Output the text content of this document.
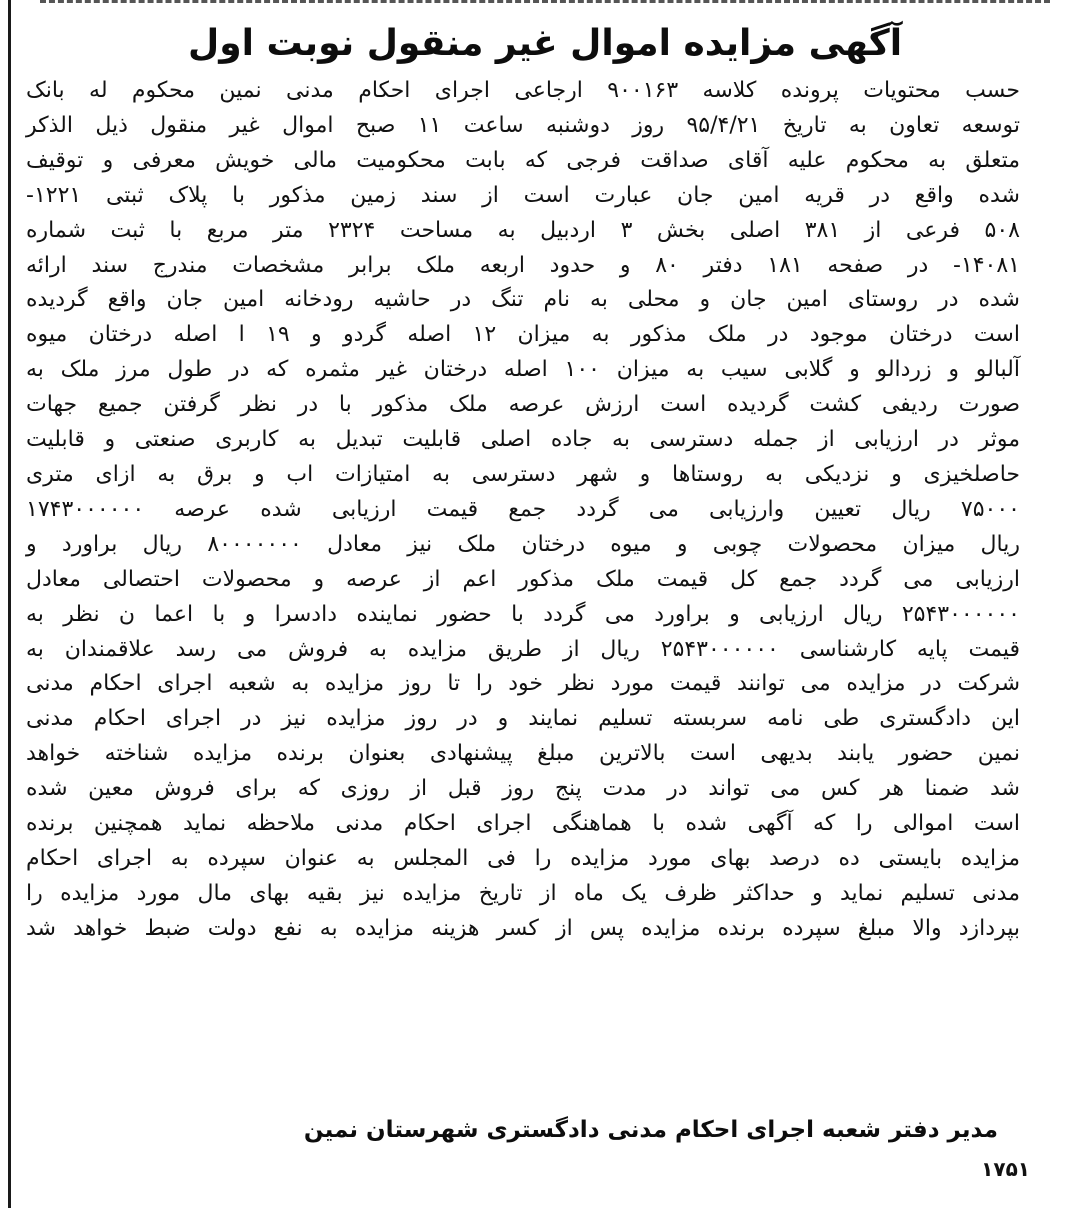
آگهی مزایده اموال غیر منقول نوبت اول
حسب محتویات پرونده کلاسه ۹۰۰۱۶۳ ارجاعی اجرای احکام مدنی نمین محکوم له بانک
توسعه تعاون به تاریخ ۹۵/۴/۲۱ روز دوشنبه ساعت ۱۱ صبح اموال غیر منقول ذیل الذکر
متعلق به محکوم علیه آقای صداقت فرجی که بابت محکومیت مالی خویش معرفی و توقیف
شده واقع در قریه امین جان عبارت است از سند زمین مذکور با پلاک ثبتی ۱۲۲۱-
۵۰۸ فرعی از ۳۸۱ اصلی بخش ۳ اردبیل به مساحت ۲۳۲۴ متر مربع با ثبت شماره
۱۴۰۸۱- در صفحه ۱۸۱ دفتر ۸۰ و حدود اربعه ملک برابر مشخصات مندرج سند ارائه
شده در روستای امین جان و محلی به نام تنگ در حاشیه رودخانه امین جان واقع گردیده
است درختان موجود در ملک مذکور به میزان ۱۲ اصله گردو و ۱۹ ا اصله درختان میوه
آلبالو و زردالو و گلابی سیب به میزان ۱۰۰ اصله درختان غیر مثمره که در طول مرز ملک به
صورت ردیفی کشت گردیده است ارزش عرصه ملک مذکور با در نظر گرفتن جمیع جهات
موثر در ارزیابی از جمله دسترسی به جاده اصلی قابلیت تبدیل به کاربری صنعتی و قابلیت
حاصلخیزی و نزدیکی به روستاها و شهر دسترسی به امتیازات اب و برق به ازای متری
۷۵۰۰۰ ریال تعیین وارزیابی می گردد جمع قیمت ارزیابی شده عرصه ۱۷۴۳۰۰۰۰۰۰
ریال میزان محصولات چوبی و میوه درختان ملک نیز معادل ۸۰۰۰۰۰۰۰ ریال براورد و
ارزیابی می گردد جمع کل قیمت ملک مذکور اعم از عرصه و محصولات احتصالی معادل
۲۵۴۳۰۰۰۰۰۰ ریال ارزیابی و براورد می گردد با حضور نماینده دادسرا و با اعما ن نظر به
قیمت پایه کارشناسی ۲۵۴۳۰۰۰۰۰۰ ریال از طریق مزایده به فروش می رسد علاقمندان به
شرکت در مزایده می توانند قیمت مورد نظر خود را تا روز مزایده به شعبه اجرای احکام مدنی
این دادگستری طی نامه سربسته تسلیم نمایند و در روز مزایده نیز در اجرای احکام مدنی
نمین حضور یابند بدیهی است بالاترین مبلغ پیشنهادی بعنوان برنده مزایده شناخته خواهد
شد ضمنا هر کس می تواند در مدت پنج روز قبل از روزی که برای فروش معین شده
است اموالی را که آگهی شده با هماهنگی اجرای احکام مدنی ملاحظه نماید همچنین برنده
مزایده بایستی ده درصد بهای مورد مزایده را فی المجلس به عنوان سپرده به اجرای احکام
مدنی تسلیم نماید و حداکثر ظرف یک ماه از تاریخ مزایده نیز بقیه بهای مال مورد مزایده را
بپردازد والا مبلغ سپرده برنده مزایده پس از کسر هزینه مزایده به نفع دولت ضبط خواهد شد
مدیر دفتر شعبه اجرای احکام مدنی دادگستری شهرستان نمین
۱۷۵۱
